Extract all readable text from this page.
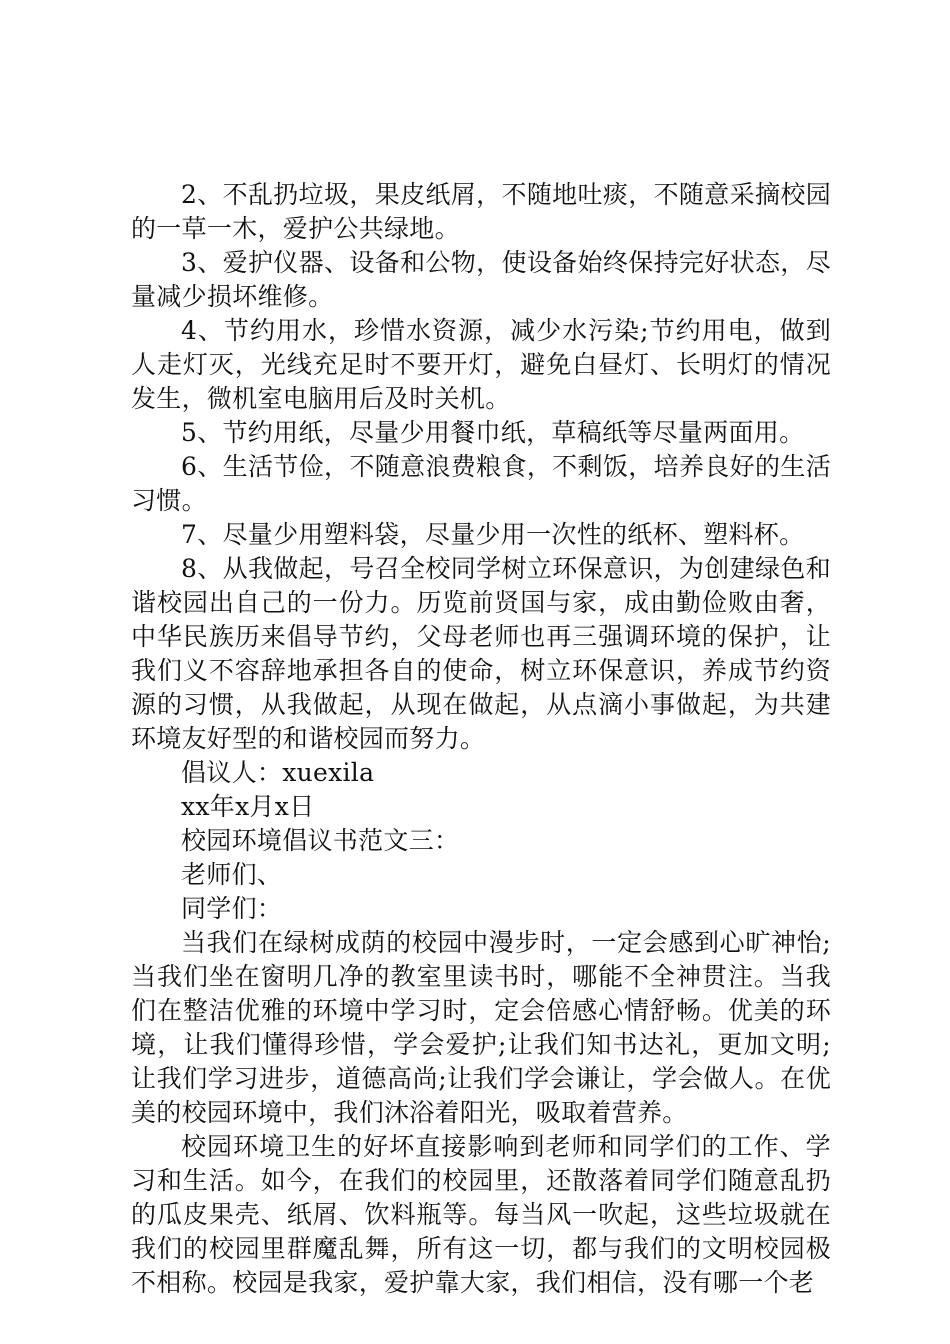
2、不乱扔垃圾，果皮纸屑，不随地吐痰，不随意采摘校园的一草一木，爱护公共绿地。

3、爱护仪器、设备和公物，使设备始终保持完好状态，尽量减少损坏维修。

4、节约用水，珍惜水资源，减少水污染;节约用电，做到人走灯灭，光线充足时不要开灯，避免白昼灯、长明灯的情况发生，微机室电脑用后及时关机。

5、节约用纸，尽量少用餐巾纸，草稿纸等尽量两面用。

6、生活节俭，不随意浪费粮食，不剩饭，培养良好的生活习惯。

7、尽量少用塑料袋，尽量少用一次性的纸杯、塑料杯。

8、从我做起，号召全校同学树立环保意识，为创建绿色和谐校园出自己的一份力。历览前贤国与家，成由勤俭败由奢，中华民族历来倡导节约，父母老师也再三强调环境的保护，让我们义不容辞地承担各自的使命，树立环保意识，养成节约资源的习惯，从我做起，从现在做起，从点滴小事做起，为共建环境友好型的和谐校园而努力。

倡议人：xuexila

xx年x月x日

校园环境倡议书范文三：

老师们、

同学们：

当我们在绿树成荫的校园中漫步时，一定会感到心旷神怡;当我们坐在窗明几净的教室里读书时，哪能不全神贯注。当我们在整洁优雅的环境中学习时，定会倍感心情舒畅。优美的环境，让我们懂得珍惜，学会爱护;让我们知书达礼，更加文明;让我们学习进步，道德高尚;让我们学会谦让，学会做人。在优美的校园环境中，我们沐浴着阳光，吸取着营养。

校园环境卫生的好坏直接影响到老师和同学们的工作、学习和生活。如今，在我们的校园里，还散落着同学们随意乱扔的瓜皮果壳、纸屑、饮料瓶等。每当风一吹起，这些垃圾就在我们的校园里群魔乱舞，所有这一切，都与我们的文明校园极不相称。校园是我家，爱护靠大家，我们相信，没有哪一个老
